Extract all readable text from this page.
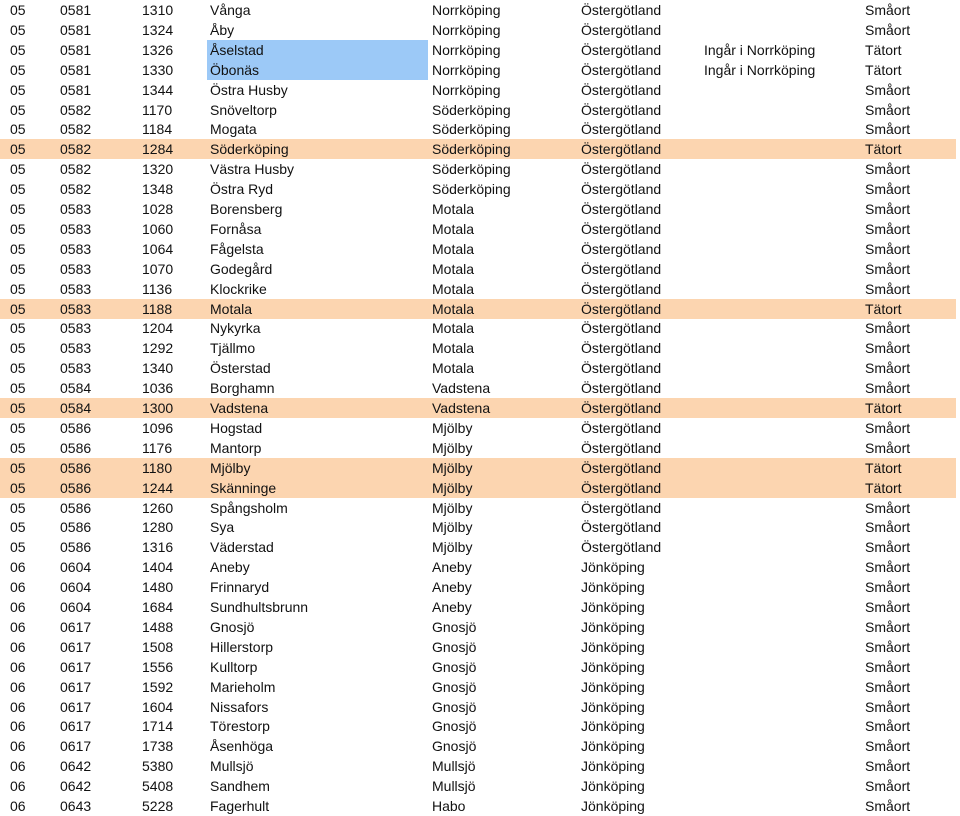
05 0581	1310	Vånga	Norrköping	Östergötland	Småort
05 0581	1324	Åby	Norrköping	Östergötland	Småort
05 0581	1326	Åselstad	Norrköping	Östergötland	Ingår i Norrköping	Tätort
05 0581	1330	Öbonäs	Norrköping	Östergötland	Ingår i Norrköping	Tätort
05 0581	1344	Östra Husby	Norrköping	Östergötland	Småort
05 0582	1170	Snöveltorp	Söderköping	Östergötland	Småort
05 0582	1184	Mogata	Söderköping	Östergötland	Småort
05 0582	1284	Söderköping	Söderköping	Östergötland	Tätort
05 0582	1320	Västra Husby	Söderköping	Östergötland	Småort
05 0582	1348	Östra Ryd	Söderköping	Östergötland	Småort
05 0583	1028	Borensberg	Motala	Östergötland	Småort
05 0583	1060	Fornåsa	Motala	Östergötland	Småort
05 0583	1064	Fågelsta	Motala	Östergötland	Småort
05 0583	1070	Godegård	Motala	Östergötland	Småort
05 0583	1136	Klockrike	Motala	Östergötland	Småort
05 0583	1188	Motala	Motala	Östergötland	Tätort
05 0583	1204	Nykyrka	Motala	Östergötland	Småort
05 0583	1292	Tjällmo	Motala	Östergötland	Småort
05 0583	1340	Österstad	Motala	Östergötland	Småort
05 0584	1036	Borghamn	Vadstena	Östergötland	Småort
05 0584	1300	Vadstena	Vadstena	Östergötland	Tätort
05 0586	1096	Hogstad	Mjölby	Östergötland	Småort
05 0586	1176	Mantorp	Mjölby	Östergötland	Småort
05 0586	1180	Mjölby	Mjölby	Östergötland	Tätort
05 0586	1244	Skänninge	Mjölby	Östergötland	Tätort
05 0586	1260	Spångsholm	Mjölby	Östergötland	Småort
05 0586	1280	Sya	Mjölby	Östergötland	Småort
05 0586	1316	Väderstad	Mjölby	Östergötland	Småort
06 0604	1404	Aneby	Aneby	Jönköping	Småort
06 0604	1480	Frinnaryd	Aneby	Jönköping	Småort
06 0604	1684	Sundhultsbrunn	Aneby	Jönköping	Småort
06 0617	1488	Gnosjö	Gnosjö	Jönköping	Småort
06 0617	1508	Hillerstorp	Gnosjö	Jönköping	Småort
06 0617	1556	Kulltorp	Gnosjö	Jönköping	Småort
06 0617	1592	Marieholm	Gnosjö	Jönköping	Småort
06 0617	1604	Nissafors	Gnosjö	Jönköping	Småort
06 0617	1714	Törestorp	Gnosjö	Jönköping	Småort
06 0617	1738	Åsenhöga	Gnosjö	Jönköping	Småort
06 0642	5380	Mullsjö	Mullsjö	Jönköping	Småort
06 0642	5408	Sandhem	Mullsjö	Jönköping	Småort
06 0643	5228	Fagerhult	Habo	Jönköping	Småort
